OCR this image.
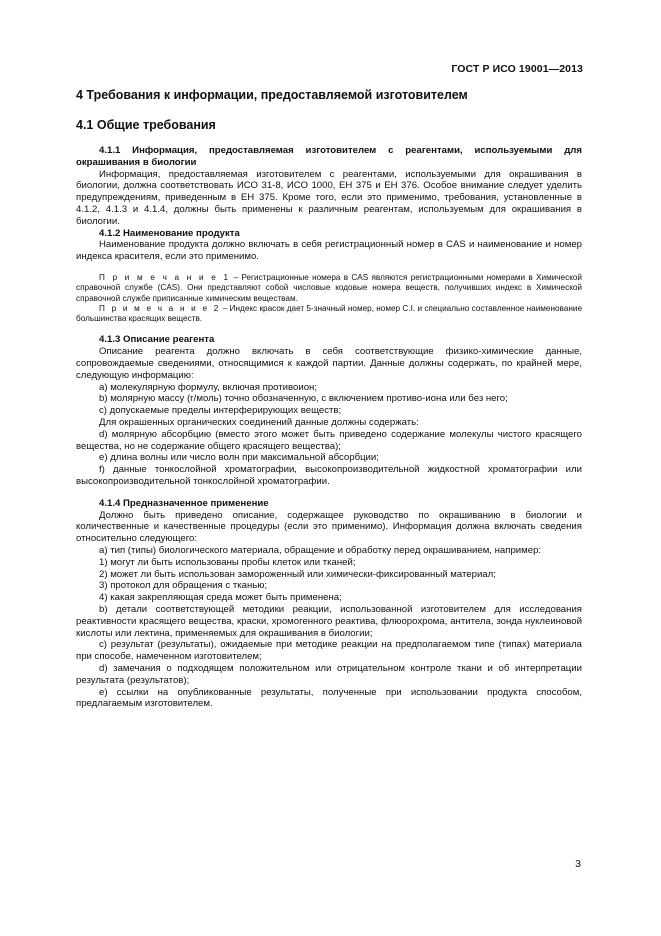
ГОСТ Р ИСО 19001—2013
4 Требования к информации, предоставляемой изготовителем
4.1 Общие требования

4.1.1 Информация, предоставляемая изготовителем с реагентами, используемыми для окрашивания в биологии

Информация, предоставляемая изготовителем с реагентами, используемыми для окрашивания в биологии, должна соответствовать ИСО 31-8, ИСО 1000, ЕН 375 и ЕН 376. Особое внимание следует уделить предупреждениям, приведенным в ЕН 375. Кроме того, если это применимо, требования, установленные в 4.1.2, 4.1.3 и 4.1.4, должны быть применены к различным реагентам, используемым для окрашивания в биологии.

4.1.2 Наименование продукта

Наименование продукта должно включать в себя регистрационный номер в CAS и наименование и номер индекса красителя, если это применимо.

П р и м е ч а н и е 1 – Регистрационные номера в CAS являются регистрационными номерами в Химической справочной службе (CAS). Они представляют собой числовые кодовые номера веществ, получивших индекс в Химической справочной службе приписанные химическим веществам.

П р и м е ч а н и е 2 – Индекс красок дает 5-значный номер, номер C.I. и специально составленное наименование большинства красящих веществ.

4.1.3 Описание реагента

Описание реагента должно включать в себя соответствующие физико-химические данные, сопровождаемые сведениями, относящимися к каждой партии. Данные должны содержать, по крайней мере, следующую информацию:

а) молекулярную формулу, включая противоион;

b) молярную массу (г/моль) точно обозначенную, с включением противо-иона или без него;

с) допускаемые пределы интерферирующих веществ;

Для окрашенных органических соединений данные должны содержать:

d) молярную абсорбцию (вместо этого может быть приведено содержание молекулы чистого красящего вещества, но не содержание общего красящего вещества);

е) длина волны или число волн при максимальной абсорбции;

f) данные тонкослойной хроматографии, высокопроизводительной жидкостной хроматографии или высокопроизводительной тонкослойной хроматографии.

4.1.4 Предназначенное применение

Должно быть приведено описание, содержащее руководство по окрашиванию в биологии и количественные и качественные процедуры (если это применимо). Информация должна включать сведения относительно следующего:

а) тип (типы) биологического материала, обращение и обработку перед окрашиванием, например:

1) могут ли быть использованы пробы клеток или тканей;

2) может ли быть использован замороженный или химически-фиксированный материал;

3) протокол для обращения с тканью;

4) какая закрепляющая среда может быть применена;

b) детали соответствующей методики реакции, использованной изготовителем для исследования реактивности красящего вещества, краски, хромогенного реактива, флюорохрома, антитела, зонда нуклеиновой кислоты или лектина, применяемых для окрашивания в биологии;

с) результат (результаты), ожидаемые при методике реакции на предполагаемом типе (типах) материала при способе, намеченном изготовителем;

d) замечания о подходящем положительном или отрицательном контроле ткани и об интерпретации результата (результатов);

е) ссылки на опубликованные результаты, полученные при использовании продукта способом, предлагаемым изготовителем.

3
